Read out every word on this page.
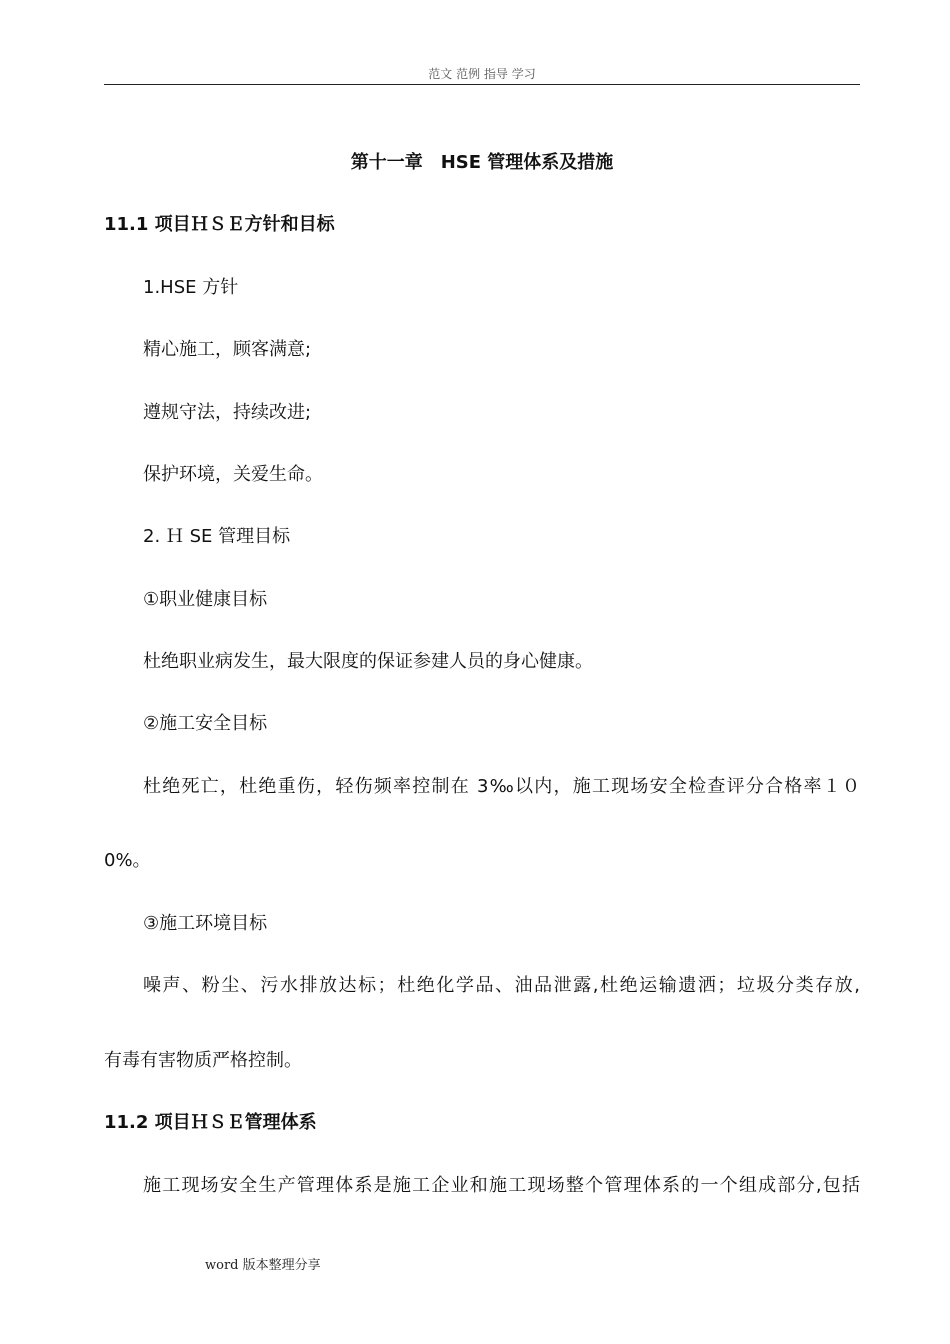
范文 范例 指导 学习
第十一章　HSE 管理体系及措施
11.1 项目ＨＳＥ方针和目标
1.HSE 方针
精心施工，顾客满意;
遵规守法，持续改进;
保护环境，关爱生命。
2. Ｈ SE 管理目标
①职业健康目标
杜绝职业病发生，最大限度的保证参建人员的身心健康。
②施工安全目标
杜绝死亡，杜绝重伤，轻伤频率控制在 3‰以内，施工现场安全检查评分合格率１０
0%。
③施工环境目标
噪声、粉尘、污水排放达标；杜绝化学品、油品泄露,杜绝运输遗洒；垃圾分类存放,
有毒有害物质严格控制。
11.2 项目ＨＳＥ管理体系
施工现场安全生产管理体系是施工企业和施工现场整个管理体系的一个组成部分,包括
word 版本整理分享
